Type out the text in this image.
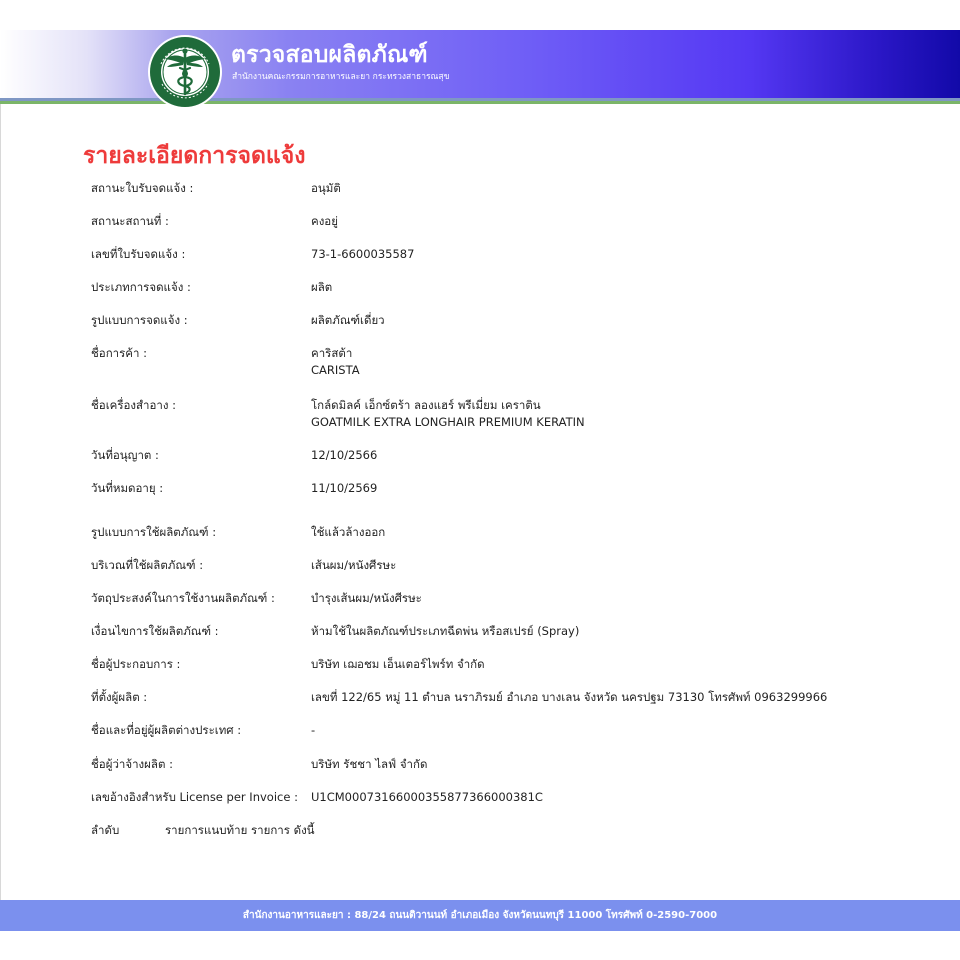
ตรวจสอบผลิตภัณฑ์

สำนักงานคณะกรรมการอาหารและยา กระทรวงสาธารณสุข

รายละเอียดการจดแจ้ง
สถานะใบรับจดแจ้ง :	อนุมัติ
สถานะสถานที่ :	คงอยู่
เลขที่ใบรับจดแจ้ง :	73-1-6600035587
ประเภทการจดแจ้ง :	ผลิต
รูปแบบการจดแจ้ง :	ผลิตภัณฑ์เดี่ยว
ชื่อการค้า :	คาริสต้า
CARISTA
ชื่อเครื่องสำอาง :	โกล์ดมิลค์ เอ็กซ์ตร้า ลองแฮร์ พรีเมี่ยม เคราติน
GOATMILK EXTRA LONGHAIR PREMIUM KERATIN
วันที่อนุญาต :	12/10/2566
วันที่หมดอายุ :	11/10/2569
รูปแบบการใช้ผลิตภัณฑ์ :	ใช้แล้วล้างออก
บริเวณที่ใช้ผลิตภัณฑ์ :	เส้นผม/หนังศีรษะ
วัตถุประสงค์ในการใช้งานผลิตภัณฑ์ :	บำรุงเส้นผม/หนังศีรษะ
เงื่อนไขการใช้ผลิตภัณฑ์ :	ห้ามใช้ในผลิตภัณฑ์ประเภทฉีดพ่น หรือสเปรย์ (Spray)
ชื่อผู้ประกอบการ :	บริษัท เฌอชม เอ็นเตอร์ไพร์ท จำกัด
ที่ตั้งผู้ผลิต :	เลขที่ 122/65 หมู่ 11 ตำบล นราภิรมย์ อำเภอ บางเลน จังหวัด นครปฐม 73130 โทรศัพท์ 0963299966
ชื่อและที่อยู่ผู้ผลิตต่างประเทศ :	-
ชื่อผู้ว่าจ้างผลิต :	บริษัท รัชชา ไลฟ์ จำกัด
เลขอ้างอิงสำหรับ License per Invoice : U1CM00073166000355877366000381C
ลำดับ	รายการแนบท้าย รายการ ดังนี้
สำนักงานอาหารและยา : 88/24 ถนนติวานนท์ อำเภอเมือง จังหวัดนนทบุรี 11000 โทรศัพท์ 0-2590-7000
